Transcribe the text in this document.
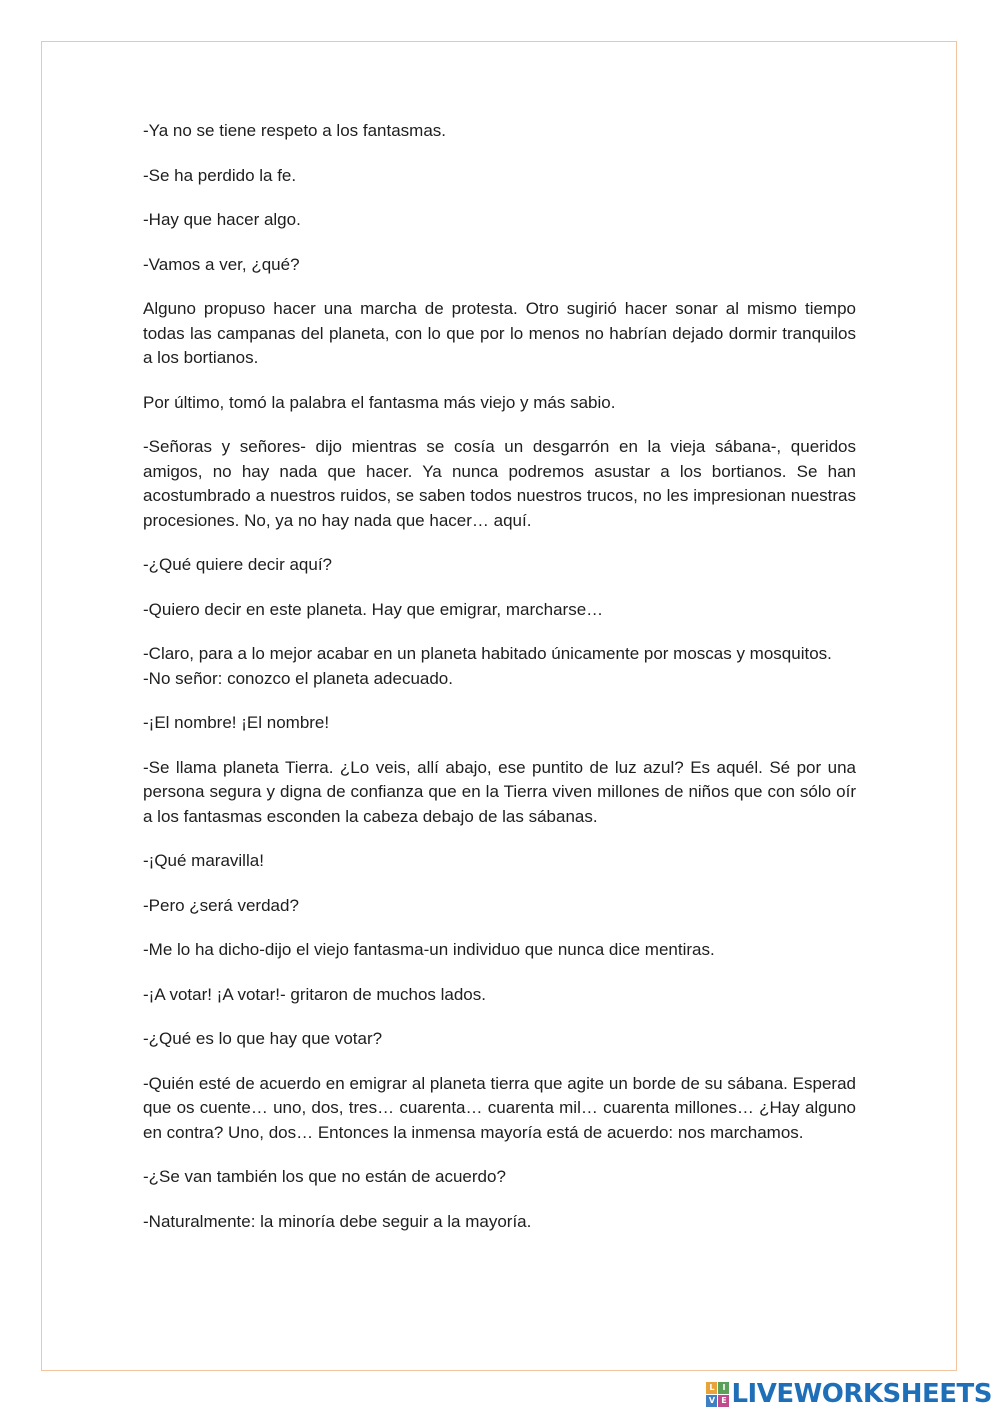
-Ya no se tiene respeto a los fantasmas.

-Se ha perdido la fe.

-Hay que hacer algo.

-Vamos a ver, ¿qué?

Alguno propuso hacer una marcha de protesta. Otro sugirió hacer sonar al mismo tiempo todas las campanas del planeta, con lo que por lo menos no habrían dejado dormir tranquilos a los bortianos.

Por último, tomó la palabra el fantasma más viejo y más sabio.

-Señoras y señores- dijo mientras se cosía un desgarrón en la vieja sábana-, queridos amigos, no hay nada que hacer. Ya nunca podremos asustar a los bortianos. Se han acostumbrado a nuestros ruidos, se saben todos nuestros trucos, no les impresionan nuestras procesiones. No, ya no hay nada que hacer… aquí.

-¿Qué quiere decir aquí?

-Quiero decir en este planeta. Hay que emigrar, marcharse…

-Claro, para a lo mejor acabar en un planeta habitado únicamente por moscas y mosquitos.

-No señor: conozco el planeta adecuado.

-¡El nombre! ¡El nombre!

-Se llama planeta Tierra. ¿Lo veis, allí abajo, ese puntito de luz azul? Es aquél. Sé por una persona segura y digna de confianza que en la Tierra viven millones de niños que con sólo oír a los fantasmas esconden la cabeza debajo de las sábanas.

-¡Qué maravilla!

-Pero ¿será verdad?

-Me lo ha dicho-dijo el viejo fantasma-un individuo que nunca dice mentiras.

-¡A votar! ¡A votar!- gritaron de muchos lados.

-¿Qué es lo que hay que votar?

-Quién esté de acuerdo en emigrar al planeta tierra que agite un borde de su sábana. Esperad que os cuente… uno, dos, tres… cuarenta… cuarenta mil… cuarenta millones… ¿Hay alguno en contra? Uno, dos… Entonces la inmensa mayoría está de acuerdo: nos marchamos.

-¿Se van también los que no están de acuerdo?

-Naturalmente: la minoría debe seguir a la mayoría.

L I
V E LIVEWORKSHEETS
